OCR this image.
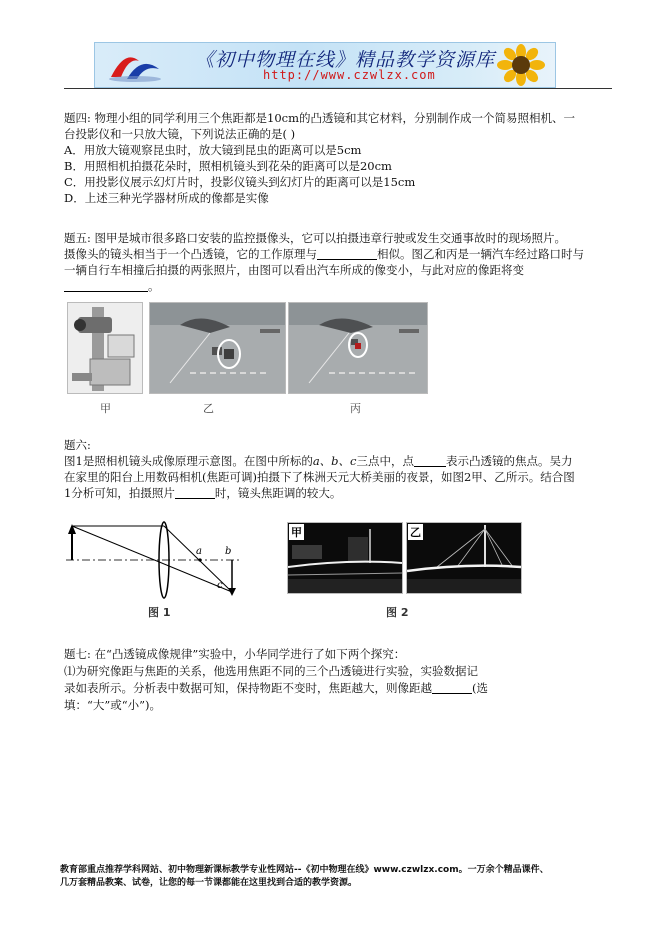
《初中物理在线》精品教学资源库
http://www.czwlzx.com

题四: 物理小组的同学利用三个焦距都是10cm的凸透镜和其它材料，分别制作成一个简易照相机、一

台投影仪和一只放大镜，下列说法正确的是( )

A．用放大镜观察昆虫时，放大镜到昆虫的距离可以是5cm

B．用照相机拍摄花朵时，照相机镜头到花朵的距离可以是20cm

C．用投影仪展示幻灯片时，投影仪镜头到幻灯片的距离可以是15cm

D．上述三种光学器材所成的像都是实像

题五: 图甲是城市很多路口安装的监控摄像头，它可以拍摄违章行驶或发生交通事故时的现场照片。

摄像头的镜头相当于一个凸透镜，它的工作原理与	相似。图乙和丙是一辆汽车经过路口时与

一辆自行车相撞后拍摄的两张照片，由图可以看出汽车所成的像变小，与此对应的像距将变

。

甲	乙	丙

题六:

图1是照相机镜头成像原理示意图。在图中所标的a、b、c三点中，点	表示凸透镜的焦点。吴力

在家里的阳台上用数码相机(焦距可调)拍摄下了株洲天元大桥美丽的夜景，如图2甲、乙所示。结合图

1分析可知，拍摄照片	时，镜头焦距调的较大。

a b
c
图 1
甲	乙
图 2

题七: 在“凸透镜成像规律”实验中，小华同学进行了如下两个探究：

⑴为研究像距与焦距的关系，他选用焦距不同的三个凸透镜进行实验，实验数据记

录如表所示。分析表中数据可知，保持物距不变时，焦距越大，则像距越	(选

填：“大”或“小”)。

教育部重点推荐学科网站、初中物理新课标教学专业性网站--《初中物理在线》www.czwlzx.com。一万余个精品课件、
几万套精品教案、试卷，让您的每一节课都能在这里找到合适的教学资源。
